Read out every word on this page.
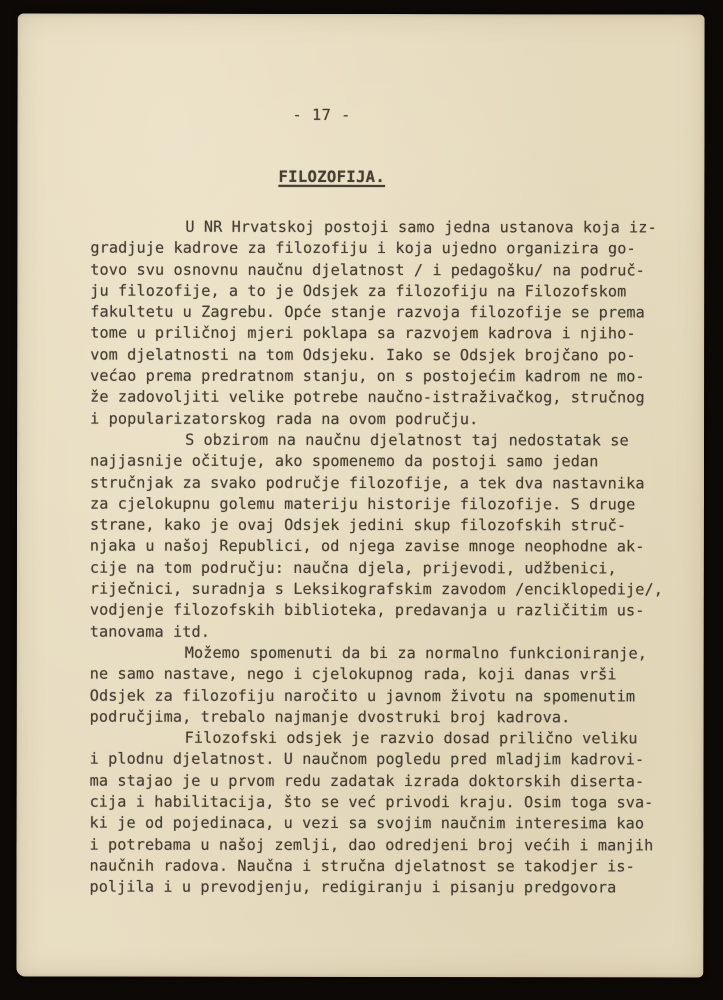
- 17 -
FILOZOFIJA.
U NR Hrvatskoj postoji samo jedna ustanova koja iz-
gradjuje kadrove za filozofiju i koja ujedno organizira go-
tovo svu osnovnu naučnu djelatnost / i pedagošku/ na područ-
ju filozofije, a to je Odsjek za filozofiju na Filozofskom
fakultetu u Zagrebu. Opće stanje razvoja filozofije se prema
tome u priličnoj mjeri poklapa sa razvojem kadrova i njiho-
vom djelatnosti na tom Odsjeku. Iako se Odsjek brojčano po-
većao prema predratnom stanju, on s postojećim kadrom ne mo-
že zadovoljiti velike potrebe naučno-istraživačkog, stručnog
i popularizatorskog rada na ovom području.
S obzirom na naučnu djelatnost taj nedostatak se
najjasnije očituje, ako spomenemo da postoji samo jedan
stručnjak za svako područje filozofije, a tek dva nastavnika
za cjelokupnu golemu materiju historije filozofije. S druge
strane, kako je ovaj Odsjek jedini skup filozofskih struč-
njaka u našoj Republici, od njega zavise mnoge neophodne ak-
cije na tom području: naučna djela, prijevodi, udžbenici,
riječnici, suradnja s Leksikografskim zavodom /enciklopedije/,
vodjenje filozofskih biblioteka, predavanja u različitim us-
tanovama itd.
Možemo spomenuti da bi za normalno funkcioniranje,
ne samo nastave, nego i cjelokupnog rada, koji danas vrši
Odsjek za filozofiju naročito u javnom životu na spomenutim
područjima, trebalo najmanje dvostruki broj kadrova.
Filozofski odsjek je razvio dosad prilično veliku
i plodnu djelatnost. U naučnom pogledu pred mladjim kadrovi-
ma stajao je u prvom redu zadatak izrada doktorskih diserta-
cija i habilitacija, što se već privodi kraju. Osim toga sva-
ki je od pojedinaca, u vezi sa svojim naučnim interesima kao
i potrebama u našoj zemlji, dao odredjeni broj većih i manjih
naučnih radova. Naučna i stručna djelatnost se takodjer is-
poljila i u prevodjenju, redigiranju i pisanju predgovora
